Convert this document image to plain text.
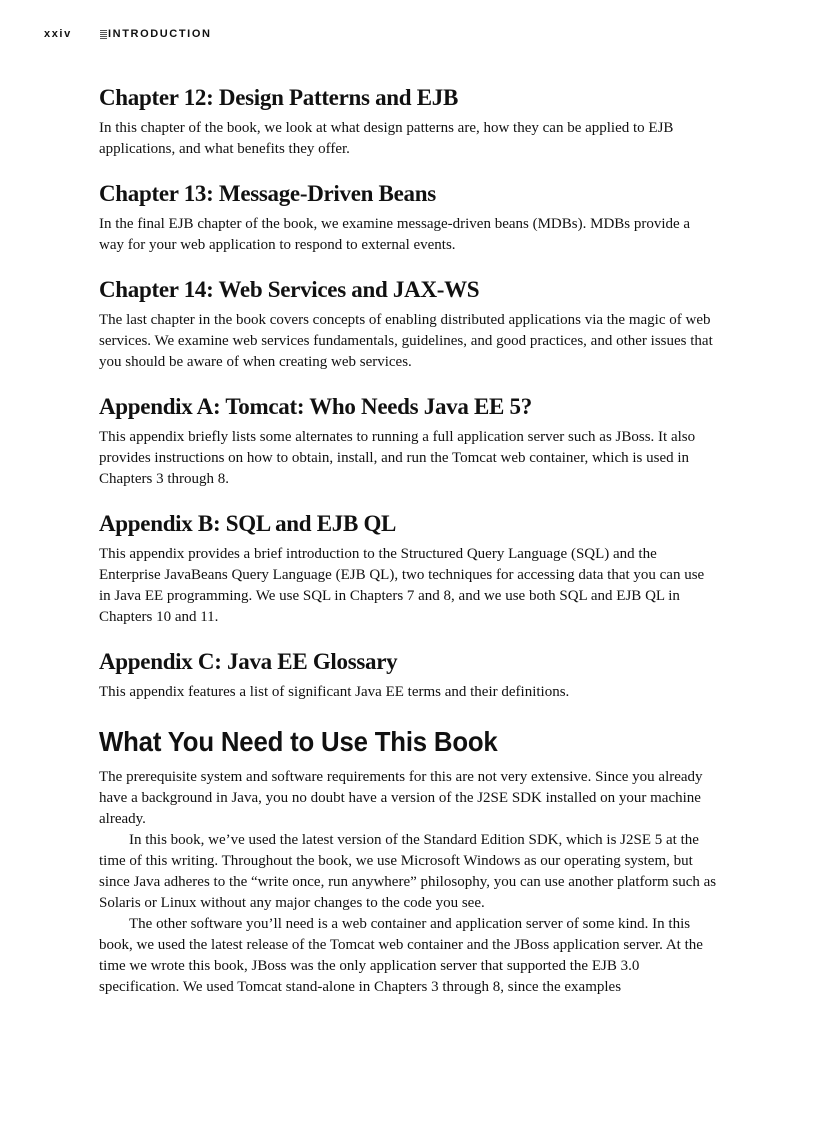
xxiv	INTRODUCTION
Chapter 12: Design Patterns and EJB

In this chapter of the book, we look at what design patterns are, how they can be applied to EJB applications, and what benefits they offer.

Chapter 13: Message-Driven Beans

In the final EJB chapter of the book, we examine message-driven beans (MDBs). MDBs provide a way for your web application to respond to external events.

Chapter 14: Web Services and JAX-WS

The last chapter in the book covers concepts of enabling distributed applications via the magic of web services. We examine web services fundamentals, guidelines, and good practices, and other issues that you should be aware of when creating web services.

Appendix A: Tomcat: Who Needs Java EE 5?

This appendix briefly lists some alternates to running a full application server such as JBoss. It also provides instructions on how to obtain, install, and run the Tomcat web container, which is used in Chapters 3 through 8.

Appendix B: SQL and EJB QL

This appendix provides a brief introduction to the Structured Query Language (SQL) and the Enterprise JavaBeans Query Language (EJB QL), two techniques for accessing data that you can use in Java EE programming. We use SQL in Chapters 7 and 8, and we use both SQL and EJB QL in Chapters 10 and 11.

Appendix C: Java EE Glossary

This appendix features a list of significant Java EE terms and their definitions.

What You Need to Use This Book

The prerequisite system and software requirements for this are not very extensive. Since you already have a background in Java, you no doubt have a version of the J2SE SDK installed on your machine already.

In this book, we’ve used the latest version of the Standard Edition SDK, which is J2SE 5 at the time of this writing. Throughout the book, we use Microsoft Windows as our operating system, but since Java adheres to the “write once, run anywhere” philosophy, you can use another platform such as Solaris or Linux without any major changes to the code you see.

The other software you’ll need is a web container and application server of some kind. In this book, we used the latest release of the Tomcat web container and the JBoss application server. At the time we wrote this book, JBoss was the only application server that supported the EJB 3.0 specification. We used Tomcat stand-alone in Chapters 3 through 8, since the examples
